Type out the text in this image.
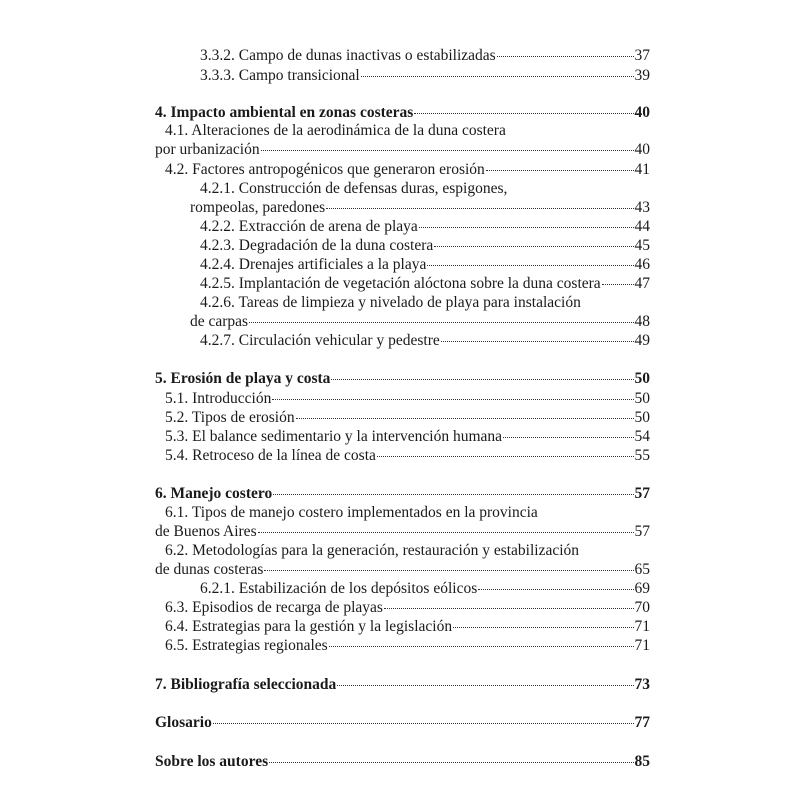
3.3.2. Campo de dunas inactivas o estabilizadas	37
3.3.3. Campo transicional	39
4. Impacto ambiental en zonas costeras	40
4.1. Alteraciones de la aerodinámica de la duna costera
por urbanización	40
4.2. Factores antropogénicos que generaron erosión	41
4.2.1. Construcción de defensas duras, espigones,
rompeolas, paredones	43
4.2.2. Extracción de arena de playa	44
4.2.3. Degradación de la duna costera	45
4.2.4. Drenajes artificiales a la playa	46
4.2.5. Implantación de vegetación alóctona sobre la duna costera 47
4.2.6. Tareas de limpieza y nivelado de playa para instalación
de carpas	48
4.2.7. Circulación vehicular y pedestre	49
5. Erosión de playa y costa	50
5.1. Introducción	50
5.2. Tipos de erosión	50
5.3. El balance sedimentario y la intervención humana	54
5.4. Retroceso de la línea de costa	55
6. Manejo costero	57
6.1. Tipos de manejo costero implementados en la provincia
de Buenos Aires	57
6.2. Metodologías para la generación, restauración y estabilización
de dunas costeras	65
6.2.1. Estabilización de los depósitos eólicos	69
6.3. Episodios de recarga de playas	70
6.4. Estrategias para la gestión y la legislación	71
6.5. Estrategias regionales	71
7. Bibliografía seleccionada	73
Glosario	77
Sobre los autores	85
